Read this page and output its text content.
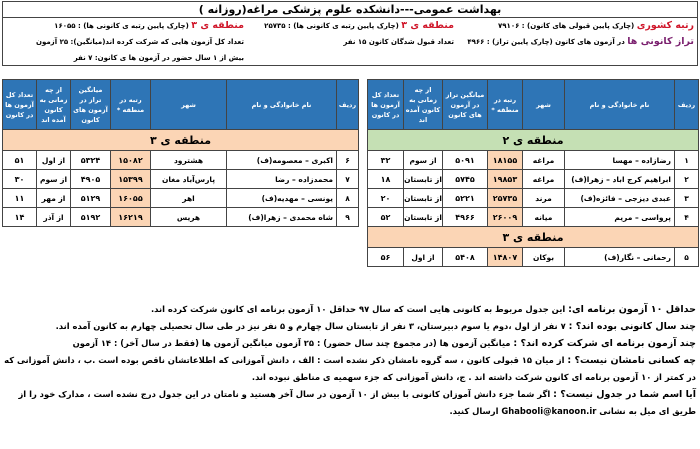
بهداشت عمومی---دانشکده علوم پزشکی مراغه(روزانه )
رتبه کشوری (چارک پایین قبولی های کانون) : ۷۹۱۰۶
منطقه ی ۳ (چارک پایین رتبه ی کانونی ها) : ۲۵۷۳۵
منطقه ی ۳ (چارک پایین رتبه ی کانونی ها) : ۱۶۰۵۵
تراز کانونی ها در آزمون های کانون (چارک پایین تراز) : ۴۹۶۶
تعداد قبول شدگان کانون ۱۵ نفر
تعداد کل آزمون هایی که شرکت کرده اند(میانگین): ۲۵ آزمون
بیش از ۱ سال حضور در آزمون ها ی کانون: ۷ نفر
ردیف	نام خانوادگی و نام	شهر	رتبه در منطقه *	میانگین تراز در آزمون های کانون	از چه زمانی به کانون آمده اند	تعداد کل آزمون ها در کانون
منطقه ی ۲						
۱	رضازاده – مهسا	مراغه	۱۸۱۵۵	۵۰۹۱	از سوم	۳۲
۲	ابراهیم کرج اباد – زهرا(ف)	مراغه	۱۹۸۵۳	۵۷۴۵	از تابستان	۱۸
۳	عبدی دیزجی – فائزه(ف)	مرند	۲۵۷۳۵	۵۲۲۱	از تابستان	۲۰
۴	پرواسی – مریم	میانه	۲۶۰۰۹	۴۹۶۶	از تابستان	۵۲
منطقه ی ۳						
۵	رحمانی – نگار(ف)	بوکان	۱۴۸۰۷	۵۴۰۸	از اول	۵۶
ردیف	نام خانوادگی و نام	شهر	رتبه در منطقه *	میانگین تراز در آزمون های کانون	از چه زمانی به کانون آمده اند	تعداد کل آزمون ها در کانون
منطقه ی ۳						
۶	اکبری – معصومه(ف)	هشترود	۱۵۰۸۲	۵۳۲۴	از اول	۵۱
۷	محمدزاده – رضا	پارس‌آباد مغان	۱۵۳۹۹	۴۹۰۵	از سوم	۳۰
۸	یونسی – مهدیه(ف)	اهر	۱۶۰۵۵	۵۱۲۹	از مهر	۱۱
۹	شاه محمدی – زهرا(ف)	هریس	۱۶۲۱۹	۵۱۹۲	از آذر	۱۴

حداقل ۱۰ آزمون برنامه ای: این جدول مربوط به کانونی هایی است که سال ۹۷ حداقل ۱۰ آزمون برنامه ای کانون شرکت کرده اند.

چند سال کانونی بوده اند؟ : ۷ نفر از اول ،دوم یا سوم دبیرستان، ۳ نفر از تابستان سال چهارم و ۵ نفر نیز در طی سال تحصیلی چهارم به کانون آمده اند.

چند آزمون برنامه ای شرکت کرده اند؟ : میانگین آزمون ها (در مجموع چند سال حضور) : ۲۵ آزمون میانگین آزمون ها (فقط در سال آخر) : ۱۴ آزمون

چه کسانی نامشان نیست؟ : از میان ۱۵ قبولی کانون ، سه گروه نامشان ذکر نشده است : الف ، دانش آموزانی که اطلاعاتشان ناقص بوده است .ب ، دانش آموزانی که در کمتر از ۱۰ آزمون برنامه ای کانون شرکت داشته اند . ج، دانش آموزانی که جزء سهمیه ی مناطق نبوده اند.

آیا اسم شما در جدول نیست؟ : اگر شما جزء دانش آموزان کانونی با بیش از ۱۰ آزمون در سال آخر هستید و نامتان در این جدول درج نشده است ، مدارک خود را از طریق ای میل به نشانی Ghabooli@kanoon.ir ارسال کنید.
